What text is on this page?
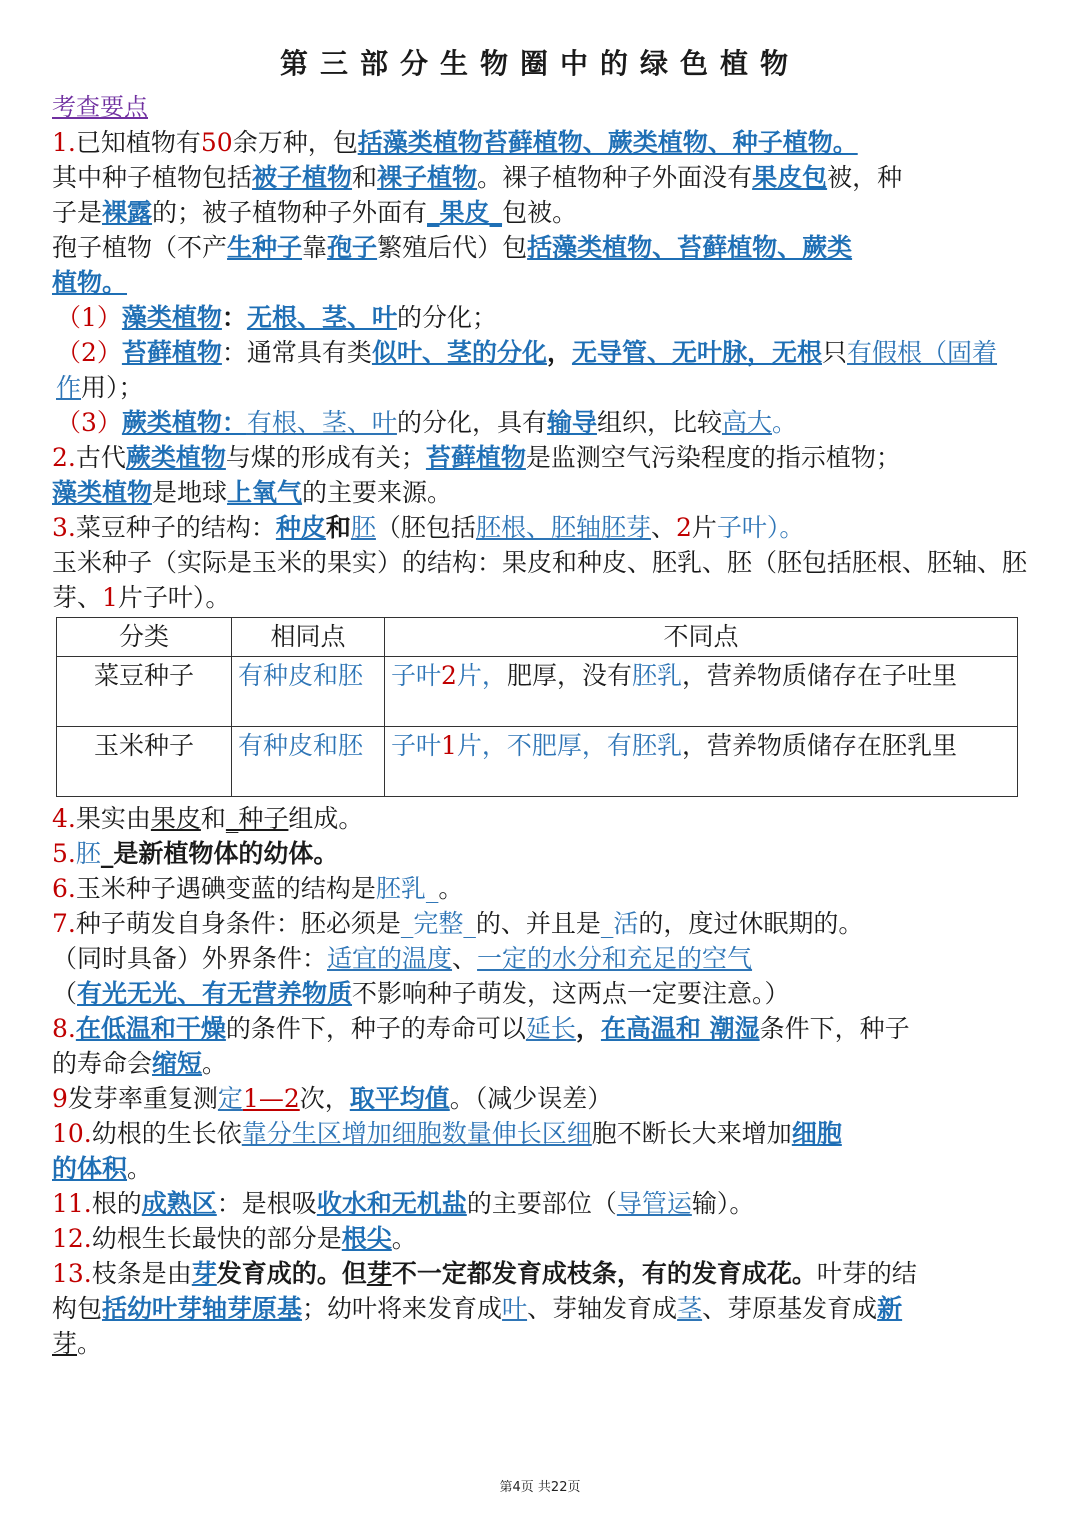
第三部分生物圈中的绿色植物
考查要点
1.已知植物有50余万种，包括藻类植物苔藓植物、蕨类植物、种子植物。
其中种子植物包括被子植物和裸子植物。裸子植物种子外面没有果皮包被，种
子是裸露的；被子植物种子外面有_果皮_包被。
孢子植物（不产生种子靠孢子繁殖后代）包括藻类植物、苔藓植物、蕨类
植物。
（1）藻类植物：无根、茎、叶的分化；
（2）苔藓植物：通常具有类似叶、茎的分化，无导管、无叶脉，无根只有假根（固着
作用）；
（3）蕨类植物：有根、茎、叶的分化，具有输导组织，比较高大。
2.古代蕨类植物与煤的形成有关；苔藓植物是监测空气污染程度的指示植物；
藻类植物是地球上氧气的主要来源。
3.菜豆种子的结构：种皮和胚（胚包括胚根、胚轴胚芽、2片子叶）。
玉米种子（实际是玉米的果实）的结构：果皮和种皮、胚乳、胚（胚包括胚根、胚轴、胚芽、1片子叶）。
分类	相同点	不同点
菜豆种子	有种皮和胚	子叶2片，肥厚，没有胚乳，营养物质储存在子吐里
玉米种子	有种皮和胚	子叶1片，不肥厚，有胚乳，营养物质储存在胚乳里
4.果实由果皮和_种子组成。
5.胚_是新植物体的幼体。
6.玉米种子遇碘变蓝的结构是胚乳_。
7.种子萌发自身条件：胚必须是_完整_的、并且是_活的，度过休眠期的。
（同时具备）外界条件：适宜的温度、一定的水分和充足的空气
（有光无光、有无营养物质不影响种子萌发，这两点一定要注意。）
8.在低温和干燥的条件下，种子的寿命可以延长，在高温和 潮湿条件下，种子
的寿命会缩短。
9发芽率重复测定1—2次，取平均值。（减少误差）
10.幼根的生长依靠分生区增加细胞数量伸长区细胞不断长大来增加细胞
的体积。
11.根的成熟区：是根吸收水和无机盐的主要部位（导管运输）。
12.幼根生长最快的部分是根尖。
13.枝条是由芽发育成的。但芽不一定都发育成枝条，有的发育成花。叶芽的结
构包括幼叶芽轴芽原基；幼叶将来发育成叶、芽轴发育成茎、芽原基发育成新
芽。
第4页 共22页
